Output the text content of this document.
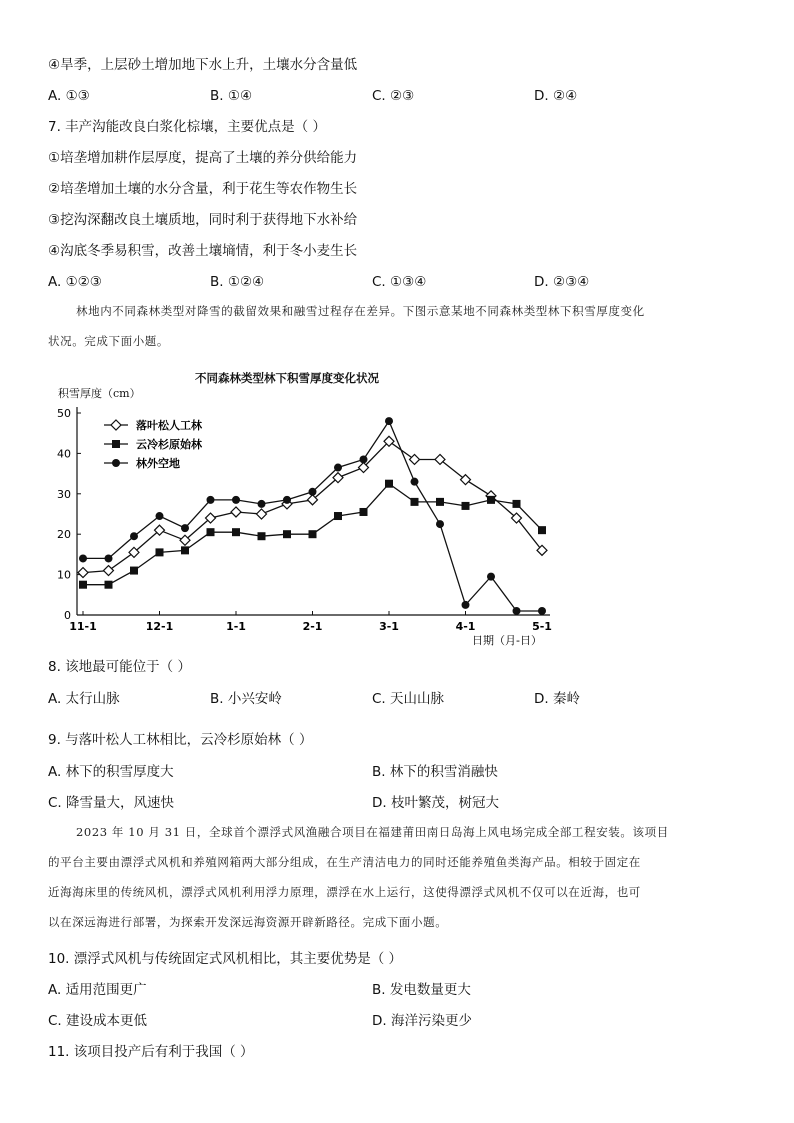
④旱季，上层砂土增加地下水上升，土壤水分含量低
A. ①③	B. ①④	C. ②③	D. ②④
7. 丰产沟能改良白浆化棕壤，主要优点是（ ）
①培垄增加耕作层厚度，提高了土壤的养分供给能力
②培垄增加土壤的水分含量，利于花生等农作物生长
③挖沟深翻改良土壤质地，同时利于获得地下水补给
④沟底冬季易积雪，改善土壤墒情，利于冬小麦生长
A. ①②③	B. ①②④	C. ①③④	D. ②③④
林地内不同森林类型对降雪的截留效果和融雪过程存在差异。下图示意某地不同森林类型林下积雪厚度变化
状况。完成下面小题。
不同森林类型林下积雪厚度变化状况
积雪厚度（cm）
0
10
20
30
40
50
11-1	12-1	1-1	2-1	3-1	4-1	5-1
落叶松人工林
云冷杉原始林
林外空地
日期（月-日）
8. 该地最可能位于（ ）
A. 太行山脉	B. 小兴安岭	C. 天山山脉	D. 秦岭
9. 与落叶松人工林相比，云冷杉原始林（ ）
A. 林下的积雪厚度大	B. 林下的积雪消融快
C. 降雪量大，风速快	D. 枝叶繁茂，树冠大
2023 年 10 月 31 日，全球首个漂浮式风渔融合项目在福建莆田南日岛海上风电场完成全部工程安装。该项目
的平台主要由漂浮式风机和养殖网箱两大部分组成，在生产清洁电力的同时还能养殖鱼类海产品。相较于固定在
近海海床里的传统风机，漂浮式风机利用浮力原理，漂浮在水上运行，这使得漂浮式风机不仅可以在近海，也可
以在深远海进行部署，为探索开发深远海资源开辟新路径。完成下面小题。
10. 漂浮式风机与传统固定式风机相比，其主要优势是（ ）
A. 适用范围更广	B. 发电数量更大
C. 建设成本更低	D. 海洋污染更少
11. 该项目投产后有利于我国（ ）
